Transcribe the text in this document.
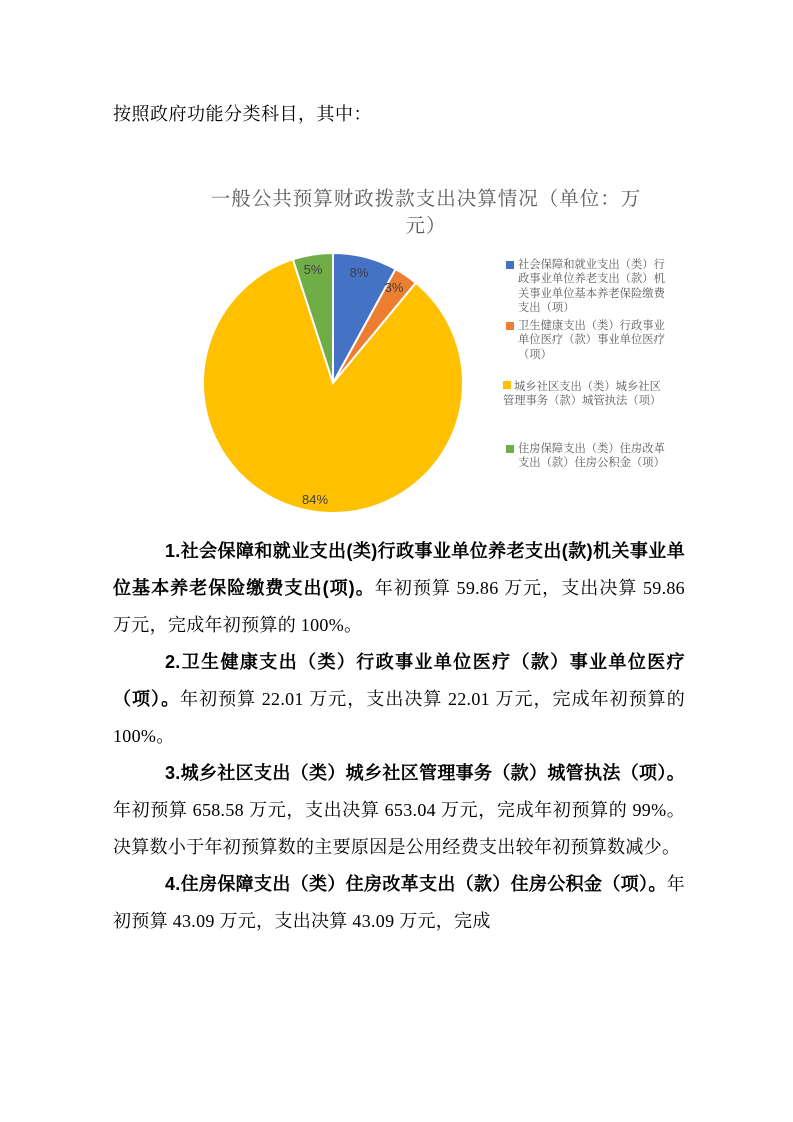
按照政府功能分类科目，其中：
一般公共预算财政拨款支出决算情况（单位：万
元）
8%
3%
84%
5%	社会保障和就业支出（类）行政事业单位养老支出（款）机关事业单位基本养老保险缴费支出（项）
卫生健康支出（类）行政事业单位医疗（款）事业单位医疗（项）
城乡社区支出（类）城乡社区管理事务（款）城管执法（项）
住房保障支出（类）住房改革支出（款）住房公积金（项）

1.社会保障和就业支出(类)行政事业单位养老支出(款)机关事业单位基本养老保险缴费支出(项)。年初预算 59.86 万元，支出决算 59.86 万元，完成年初预算的 100%。

2.卫生健康支出（类）行政事业单位医疗（款）事业单位医疗（项）。年初预算 22.01 万元，支出决算 22.01 万元，完成年初预算的 100%。

3.城乡社区支出（类）城乡社区管理事务（款）城管执法（项）。年初预算 658.58 万元，支出决算 653.04 万元，完成年初预算的 99%。决算数小于年初预算数的主要原因是公用经费支出较年初预算数减少。

4.住房保障支出（类）住房改革支出（款）住房公积金（项）。年初预算 43.09 万元，支出决算 43.09 万元，完成
